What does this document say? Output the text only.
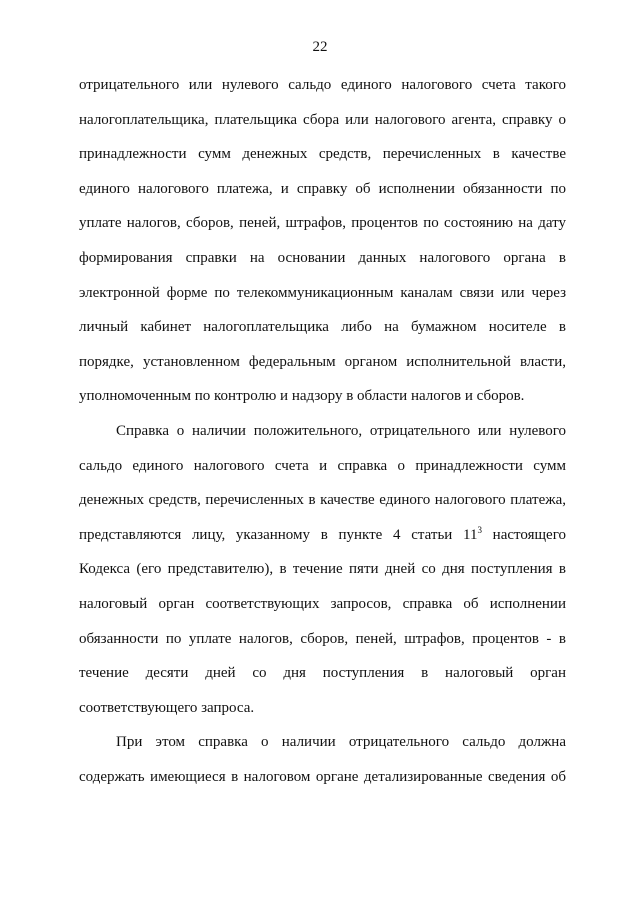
22
отрицательного или нулевого сальдо единого налогового счета такого
налогоплательщика, плательщика сбора или налогового агента, справку о
принадлежности сумм денежных средств, перечисленных в качестве
единого налогового платежа, и справку об исполнении обязанности по
уплате налогов, сборов, пеней, штрафов, процентов по состоянию на дату
формирования справки на основании данных налогового органа в
электронной форме по телекоммуникационным каналам связи или через
личный кабинет налогоплательщика либо на бумажном носителе в
порядке, установленном федеральным органом исполнительной власти,
уполномоченным по контролю и надзору в области налогов и сборов.
Справка о наличии положительного, отрицательного или нулевого
сальдо единого налогового счета и справка о принадлежности сумм
денежных средств, перечисленных в качестве единого налогового платежа,
представляются лицу, указанному в пункте 4 статьи $11^3$ настоящего
Кодекса (его представителю), в течение пяти дней со дня поступления в
налоговый орган соответствующих запросов, справка об исполнении
обязанности по уплате налогов, сборов, пеней, штрафов, процентов - в
течение десяти дней со дня поступления в налоговый орган
соответствующего запроса.
При этом справка о наличии отрицательного сальдо должна
содержать имеющиеся в налоговом органе детализированные сведения об
